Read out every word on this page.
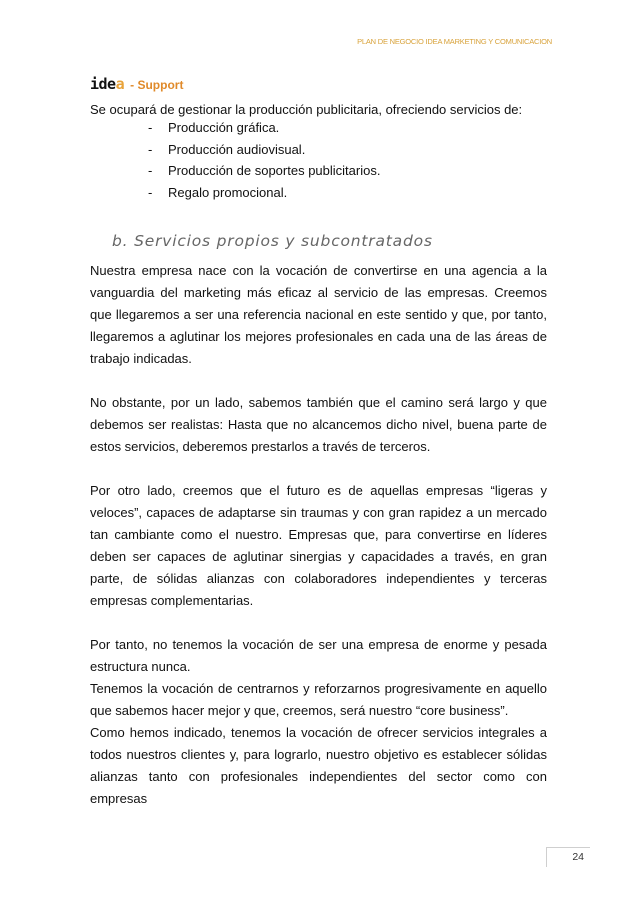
PLAN DE NEGOCIO IDEA MARKETING Y COMUNICACION
idea - Support
Se ocupará de gestionar la producción publicitaria, ofreciendo servicios de:
-	Producción gráfica.
-	Producción audiovisual.
-	Producción de soportes publicitarios.
-	Regalo promocional.
b. Servicios propios y subcontratados

Nuestra empresa nace con la vocación de convertirse en una agencia a la vanguardia del marketing más eficaz al servicio de las empresas. Creemos que llegaremos a ser una referencia nacional en este sentido y que, por tanto, llegaremos a aglutinar los mejores profesionales en cada una de las áreas de trabajo indicadas.

No obstante, por un lado, sabemos también que el camino será largo y que debemos ser realistas: Hasta que no alcancemos dicho nivel, buena parte de estos servicios, deberemos prestarlos a través de terceros.

Por otro lado, creemos que el futuro es de aquellas empresas “ligeras y veloces”, capaces de adaptarse sin traumas y con gran rapidez a un mercado tan cambiante como el nuestro. Empresas que, para convertirse en líderes deben ser capaces de aglutinar sinergias y capacidades a través, en gran parte, de sólidas alianzas con colaboradores independientes y terceras empresas complementarias.

Por tanto, no tenemos la vocación de ser una empresa de enorme y pesada estructura nunca.

Tenemos la vocación de centrarnos y reforzarnos progresivamente en aquello que sabemos hacer mejor y que, creemos, será nuestro “core business”.

Como hemos indicado, tenemos la vocación de ofrecer servicios integrales a todos nuestros clientes y, para lograrlo, nuestro objetivo es establecer sólidas alianzas tanto con profesionales independientes del sector como con empresas

24
